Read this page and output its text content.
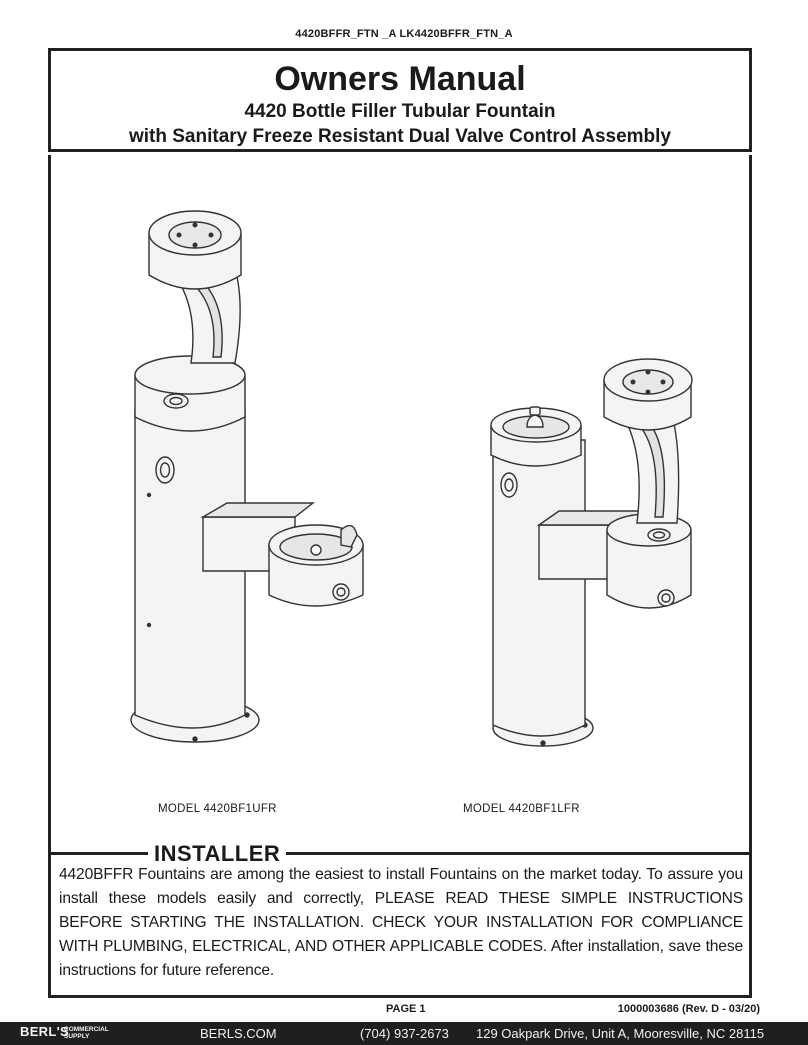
4420BFFR_FTN _A LK4420BFFR_FTN_A
Owners Manual
4420 Bottle Filler Tubular Fountain
with Sanitary Freeze Resistant Dual Valve Control Assembly
MODEL 4420BF1UFR	MODEL 4420BF1LFR
INSTALLER
4420BFFR Fountains are among the easiest to install Fountains on the market today. To assure you install these models easily and correctly, PLEASE READ THESE SIMPLE INSTRUCTIONS BEFORE STARTING THE INSTALLATION. CHECK YOUR INSTALLATION FOR COMPLIANCE WITH PLUMBING, ELECTRICAL, AND OTHER APPLICABLE CODES. After installation, save these instructions for future reference.
PAGE 1	1000003686 (Rev. D - 03/20)
BERL'S
COMMERCIAL SUPPLY	BERLS.COM	(704) 937-2673 129 Oakpark Drive, Unit A, Mooresville, NC 28115
